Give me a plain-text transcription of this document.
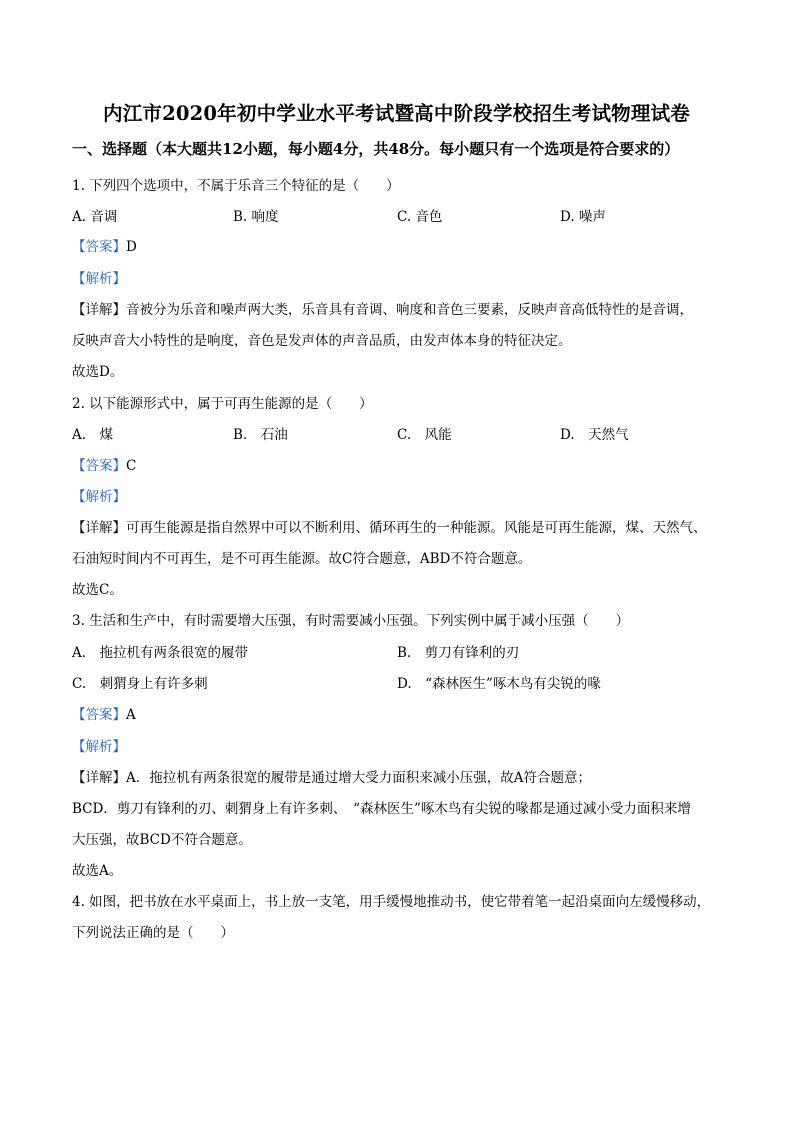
内江市2020年初中学业水平考试暨高中阶段学校招生考试物理试卷
一、选择题（本大题共12小题，每小题4分，共48分。每小题只有一个选项是符合要求的）
1. 下列四个选项中，不属于乐音三个特征的是（　　）
A. 音调	B. 响度	C. 音色	D. 噪声
【答案】D
【解析】
【详解】音被分为乐音和噪声两大类，乐音具有音调、响度和音色三要素，反映声音高低特性的是音调，
反映声音大小特性的是响度，音色是发声体的声音品质，由发声体本身的特征决定。
故选D。
2. 以下能源形式中，属于可再生能源的是（　　）
A.　煤	B.　石油	C.　风能	D.　天然气
【答案】C
【解析】
【详解】可再生能源是指自然界中可以不断利用、循环再生的一种能源。风能是可再生能源，煤、天然气、
石油短时间内不可再生，是不可再生能源。故C符合题意，ABD不符合题意。
故选C。
3. 生活和生产中，有时需要增大压强，有时需要减小压强。下列实例中属于减小压强（　　）
A.　拖拉机有两条很宽的履带	B.　剪刀有锋利的刃
C.　刺猬身上有许多刺	D.　“森林医生”啄木鸟有尖锐的喙
【答案】A
【解析】
【详解】A．拖拉机有两条很宽的履带是通过增大受力面积来减小压强，故A符合题意；
BCD．剪刀有锋利的刃、刺猬身上有许多刺、　“森林医生”啄木鸟有尖锐的喙都是通过减小受力面积来增
大压强，故BCD不符合题意。
故选A。
4. 如图，把书放在水平桌面上，书上放一支笔，用手缓慢地推动书，使它带着笔一起沿桌面向左缓慢移动，
下列说法正确的是（　　）
